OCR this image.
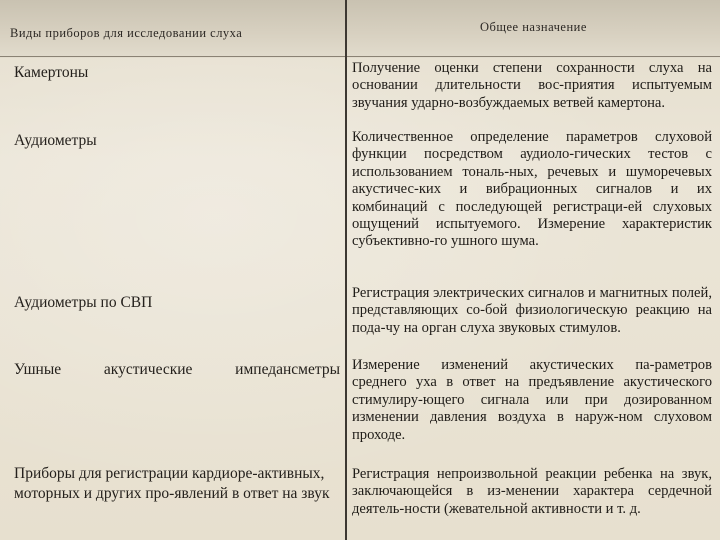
Виды приборов для исследовании слуха	Общее назначение
Камертоны
Аудиометры
Аудиометры по СВП
Ушные акустические импедансметры
Приборы для регистрации кардиоре-активных, моторных и других про-явлений в ответ на звук

Получение оценки степени сохранности слуха на основании длительности вос-приятия испытуемым звучания ударно-возбуждаемых ветвей камертона.

Количественное определение параметров слуховой функции посредством аудиоло-гических тестов с использованием тональ-ных, речевых и шумоpечевых акустичес-ких и вибрационных сигналов и их комбинаций с последующей регистраци-ей слуховых ощущений испытуемого. Измерение характеристик субъективно-го ушного шума.

Регистрация электрических сигналов и магнитных полей, представляющих со-бой физиологическую реакцию на пода-чу на орган слуха звуковых стимулов.

Измерение изменений акустических па-раметров среднего уха в ответ на предъявление акустического стимулиру-ющего сигнала или при дозированном изменении давления воздуха в наруж-ном слуховом проходе.

Регистрация непроизвольной реакции ребенка на звук, заключающейся в из-менении характера сердечной деятель-ности (жевательной активности и т. д.
